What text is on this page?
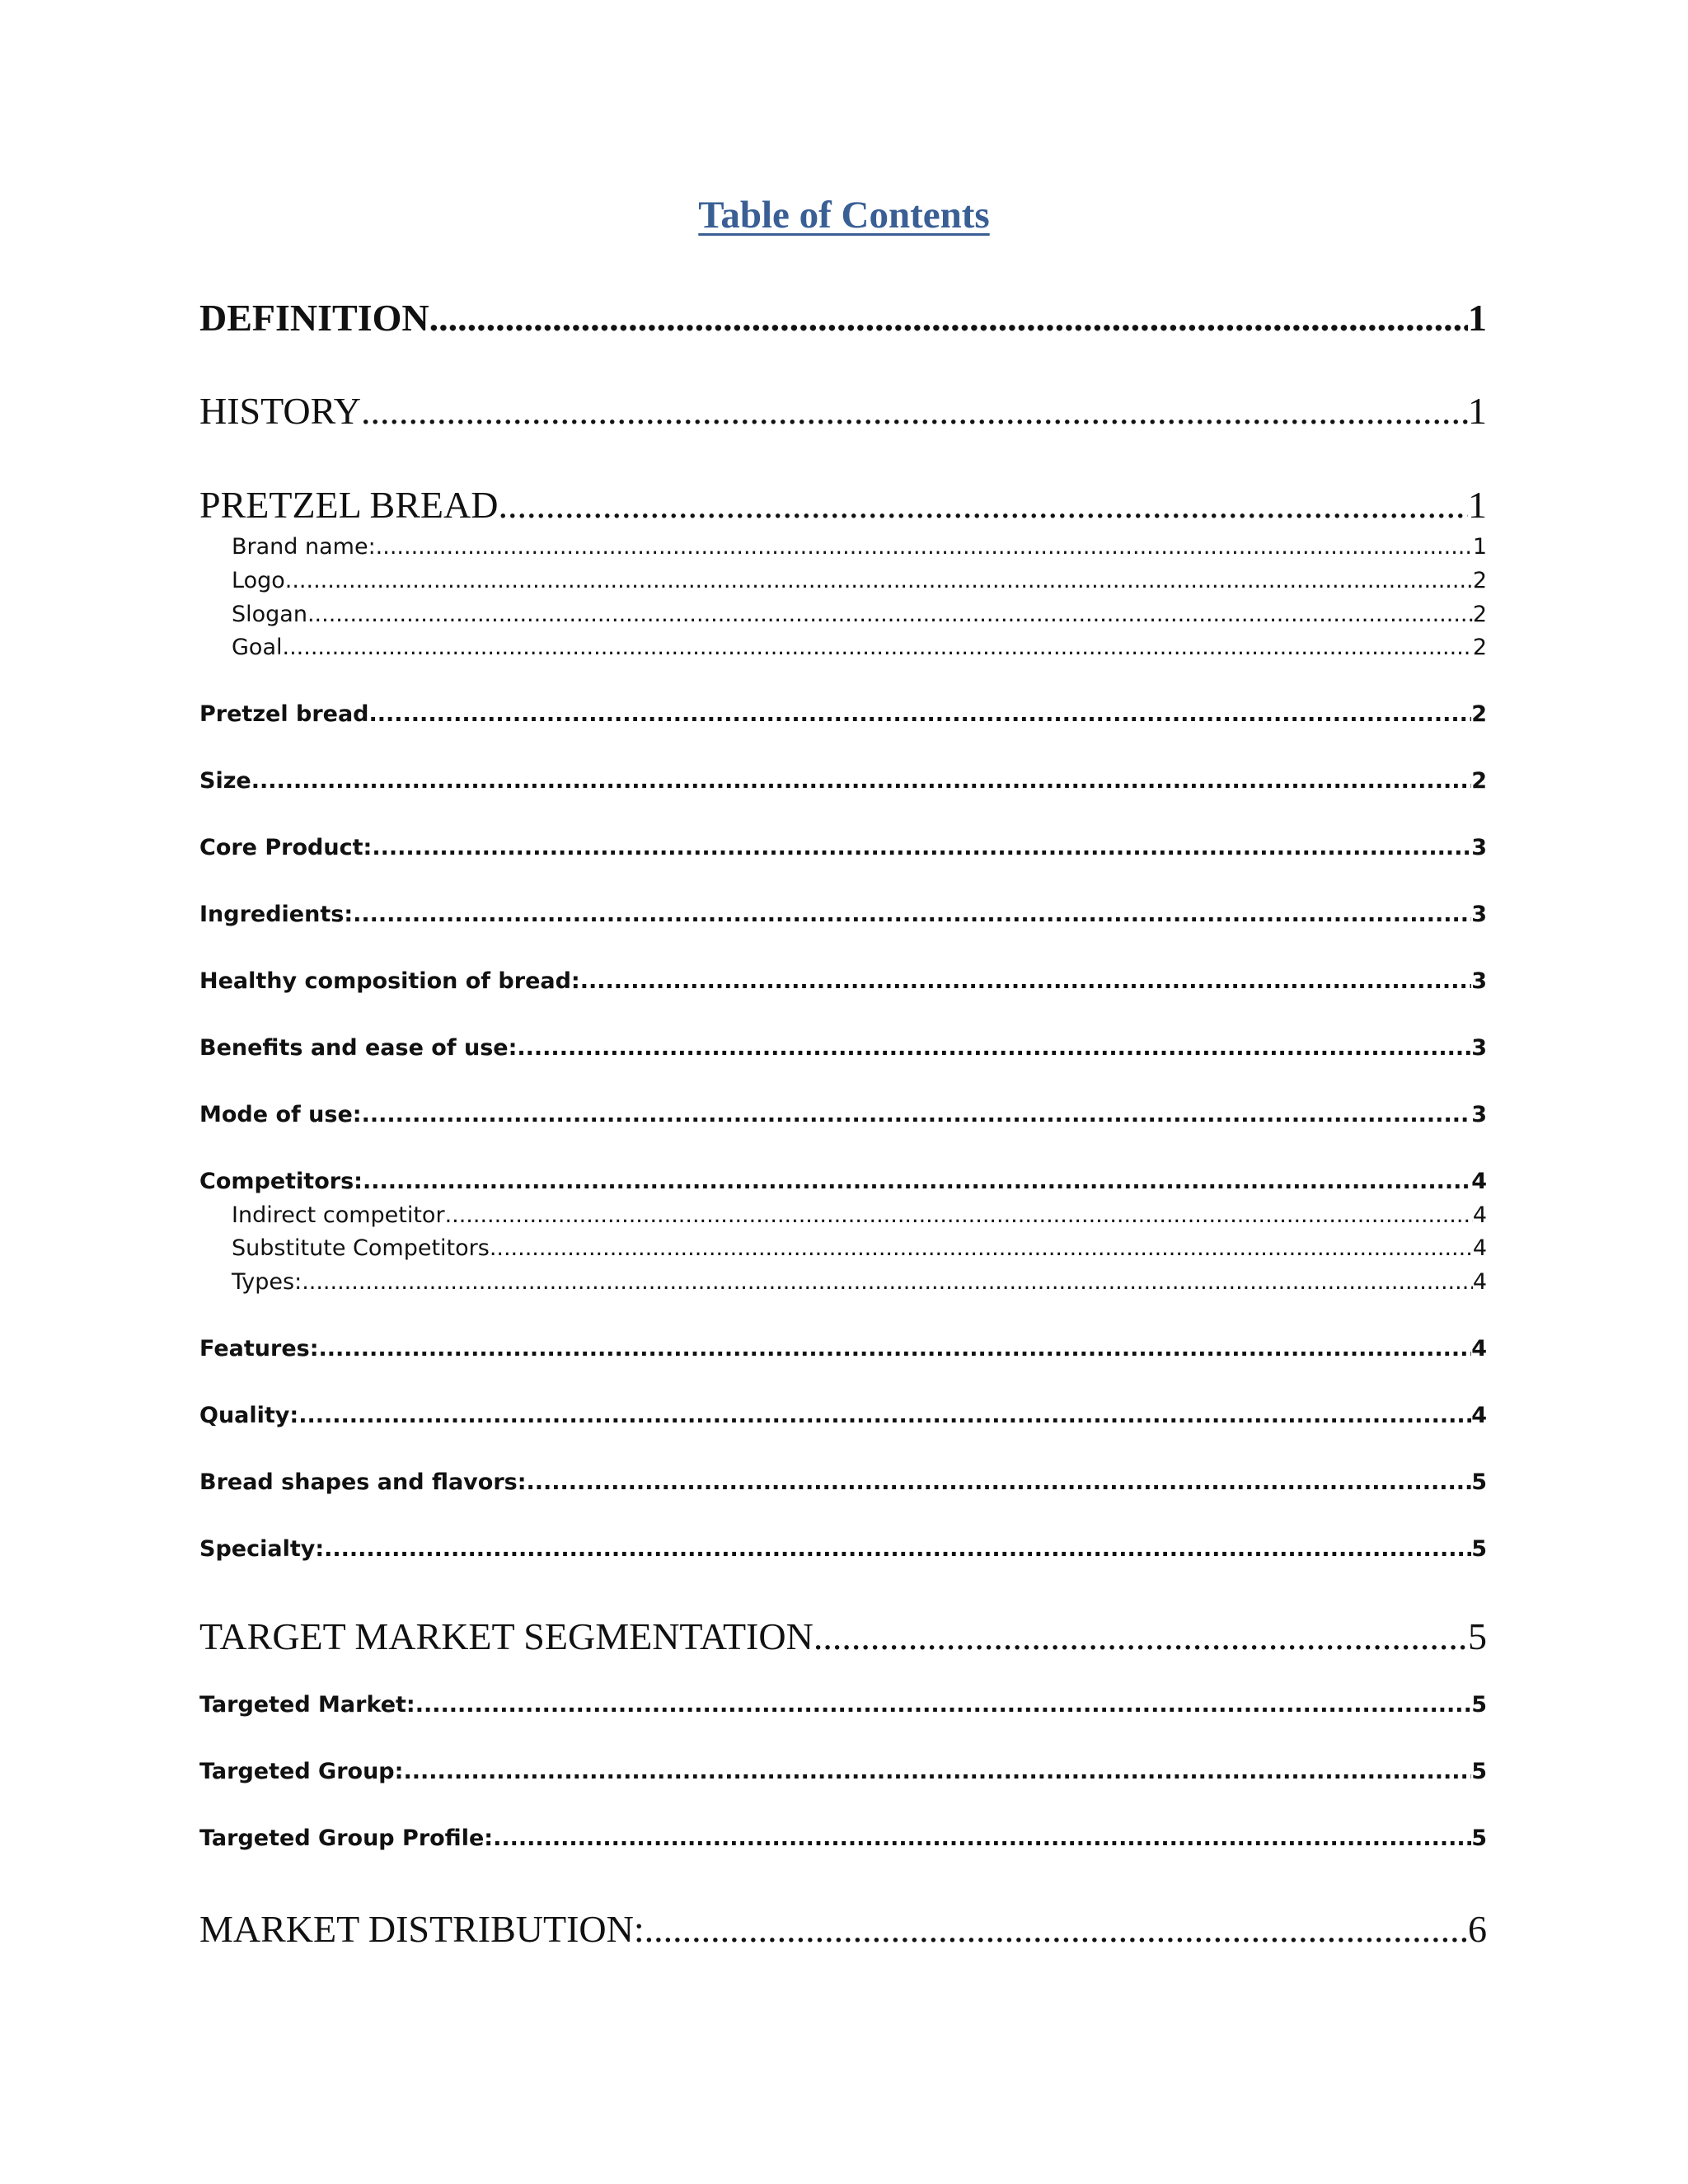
Table of Contents
DEFINITION .....	1
HISTORY .....	1
PRETZEL BREAD .....	1
Brand name: .....	1
Logo .....	2
Slogan .....	2
Goal .....	2
Pretzel bread .....	2
Size .....	2
Core Product: .....	3
Ingredients: .....	3
Healthy composition of bread: .....	3
Benefits and ease of use: .....	3
Mode of use: .....	3
Competitors: .....	4
Indirect competitor .....	4
Substitute Competitors .....	4
Types: .....	4
Features: .....	4
Quality: .....	4
Bread shapes and flavors: .....	5
Specialty: .....	5
TARGET MARKET SEGMENTATION .....	5
Targeted Market: .....	5
Targeted Group: .....	5
Targeted Group Profile: .....	5
MARKET DISTRIBUTION: .....	6
